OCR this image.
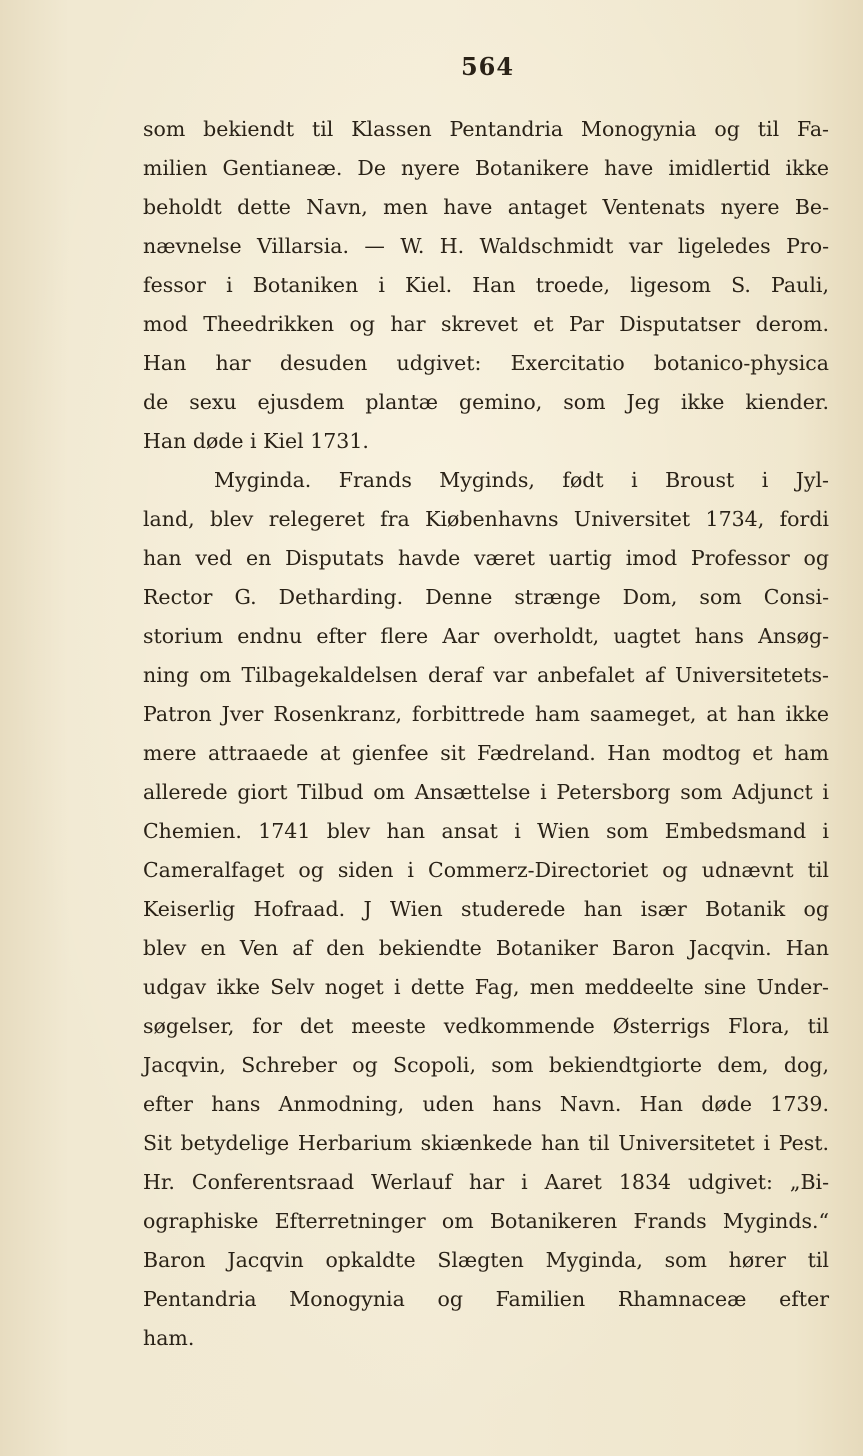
564
som bekiendt til Klassen Pentandria Monogynia og til Fa-
milien Gentianeæ. De nyere Botanikere have imidlertid ikke
beholdt dette Navn, men have antaget Ventenats nyere Be-
nævnelse Villarsia. — W. H. Waldschmidt var ligeledes Pro-
fessor i Botaniken i Kiel. Han troede, ligesom S. Pauli,
mod Theedrikken og har skrevet et Par Disputatser derom.
Han har desuden udgivet: Exercitatio botanico-physica
de sexu ejusdem plantæ gemino, som Jeg ikke kiender.
Han døde i Kiel 1731.
Myginda. Frands Myginds, født i Broust i Jyl-
land, blev relegeret fra Kiøbenhavns Universitet 1734, fordi
han ved en Disputats havde været uartig imod Professor og
Rector G. Detharding. Denne strænge Dom, som Consi-
storium endnu efter flere Aar overholdt, uagtet hans Ansøg-
ning om Tilbagekaldelsen deraf var anbefalet af Universitetets-
Patron Jver Rosenkranz, forbittrede ham saameget, at han ikke
mere attraaede at gienfee sit Fædreland. Han modtog et ham
allerede giort Tilbud om Ansættelse i Petersborg som Adjunct i
Chemien. 1741 blev han ansat i Wien som Embedsmand i
Cameralfaget og siden i Commerz-Directoriet og udnævnt til
Keiserlig Hofraad. J Wien studerede han især Botanik og
blev en Ven af den bekiendte Botaniker Baron Jacqvin. Han
udgav ikke Selv noget i dette Fag, men meddeelte sine Under-
søgelser, for det meeste vedkommende Østerrigs Flora, til
Jacqvin, Schreber og Scopoli, som bekiendtgiorte dem, dog,
efter hans Anmodning, uden hans Navn. Han døde 1739.
Sit betydelige Herbarium skiænkede han til Universitetet i Pest.
Hr. Conferentsraad Werlauf har i Aaret 1834 udgivet: „Bi-
ographiske Efterretninger om Botanikeren Frands Myginds.“
Baron Jacqvin opkaldte Slægten Myginda, som hører til
Pentandria Monogynia og Familien Rhamnaceæ efter
ham.
